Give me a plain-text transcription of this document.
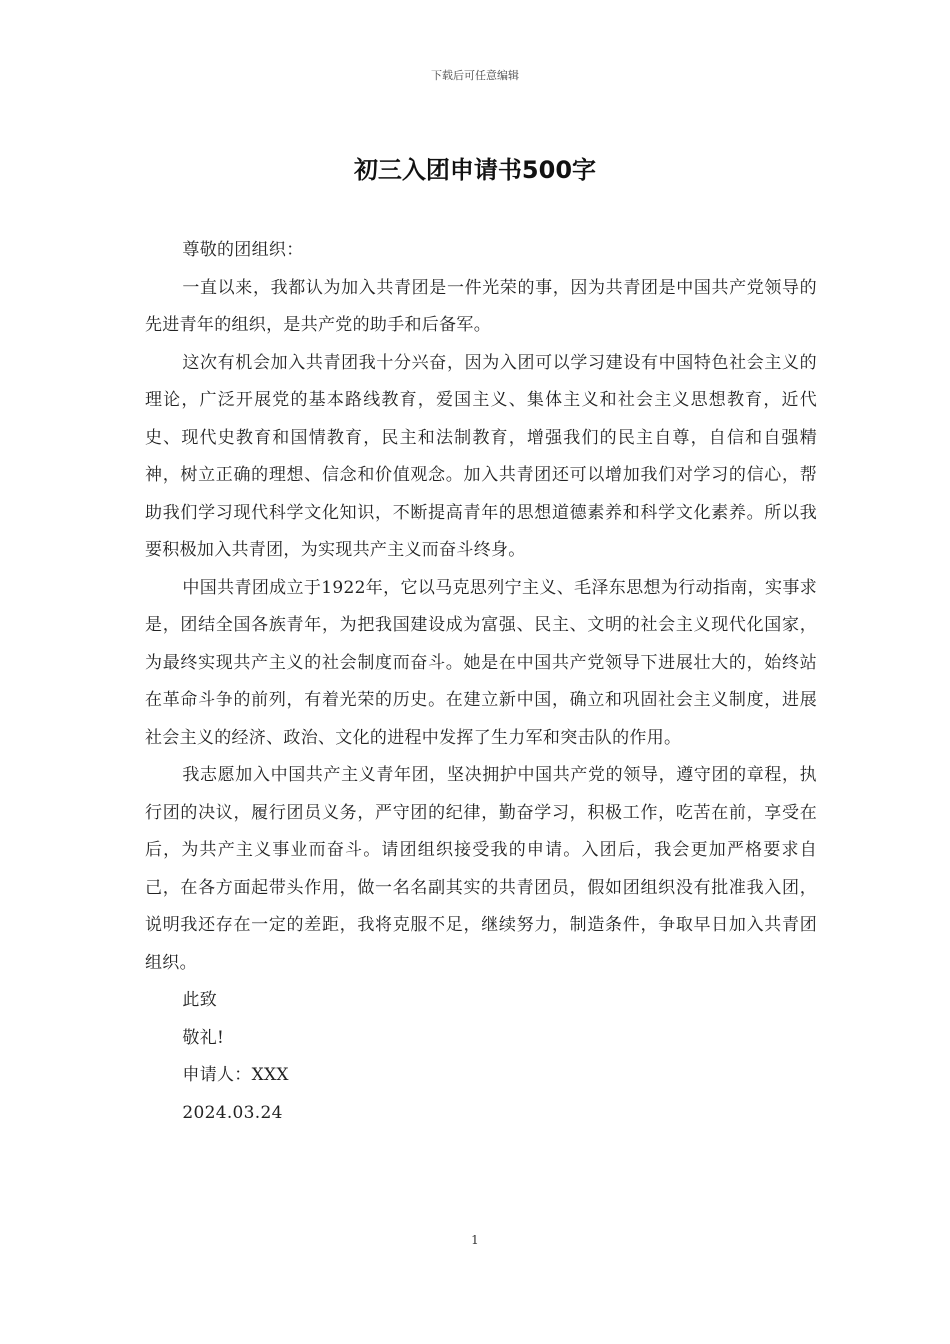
下载后可任意编辑
初三入团申请书500字

尊敬的团组织：

一直以来，我都认为加入共青团是一件光荣的事，因为共青团是中国共产党领导的先进青年的组织，是共产党的助手和后备军。

这次有机会加入共青团我十分兴奋，因为入团可以学习建设有中国特色社会主义的理论，广泛开展党的基本路线教育，爱国主义、集体主义和社会主义思想教育，近代史、现代史教育和国情教育，民主和法制教育，增强我们的民主自尊，自信和自强精神，树立正确的理想、信念和价值观念。加入共青团还可以增加我们对学习的信心，帮助我们学习现代科学文化知识，不断提高青年的思想道德素养和科学文化素养。所以我要积极加入共青团，为实现共产主义而奋斗终身。

中国共青团成立于1922年，它以马克思列宁主义、毛泽东思想为行动指南，实事求是，团结全国各族青年，为把我国建设成为富强、民主、文明的社会主义现代化国家，为最终实现共产主义的社会制度而奋斗。她是在中国共产党领导下进展壮大的，始终站在革命斗争的前列，有着光荣的历史。在建立新中国，确立和巩固社会主义制度，进展社会主义的经济、政治、文化的进程中发挥了生力军和突击队的作用。

我志愿加入中国共产主义青年团，坚决拥护中国共产党的领导，遵守团的章程，执行团的决议，履行团员义务，严守团的纪律，勤奋学习，积极工作，吃苦在前，享受在后，为共产主义事业而奋斗。请团组织接受我的申请。入团后，我会更加严格要求自己，在各方面起带头作用，做一名名副其实的共青团员，假如团组织没有批准我入团，说明我还存在一定的差距，我将克服不足，继续努力，制造条件，争取早日加入共青团组织。

此致

敬礼!

申请人：XXX

2024.03.24

1
